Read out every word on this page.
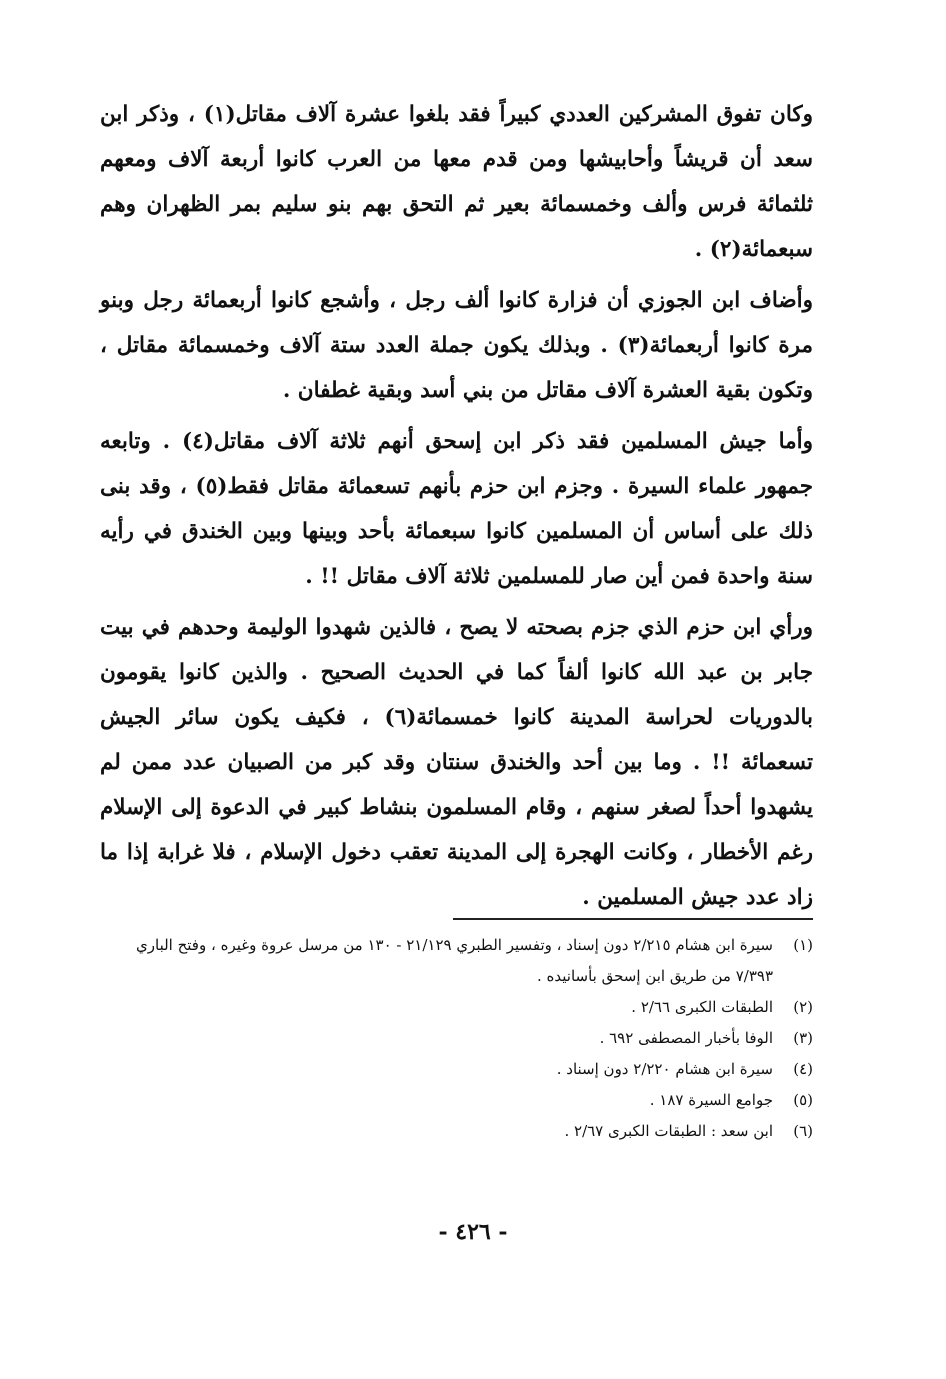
وكان تفوق المشركين العددي كبيراً فقد بلغوا عشرة آلاف مقاتل(١) ، وذكر ابن سعد أن قريشاً وأحابيشها ومن قدم معها من العرب كانوا أربعة آلاف ومعهم ثلثمائة فرس وألف وخمسمائة بعير ثم التحق بهم بنو سليم بمر الظهران وهم سبعمائة(٢) .

وأضاف ابن الجوزي أن فزارة كانوا ألف رجل ، وأشجع كانوا أربعمائة رجل وبنو مرة كانوا أربعمائة(٣) . وبذلك يكون جملة العدد ستة آلاف وخمسمائة مقاتل ، وتكون بقية العشرة آلاف مقاتل من بني أسد وبقية غطفان .

وأما جيش المسلمين فقد ذكر ابن إسحق أنهم ثلاثة آلاف مقاتل(٤) . وتابعه جمهور علماء السيرة . وجزم ابن حزم بأنهم تسعمائة مقاتل فقط(٥) ، وقد بنى ذلك على أساس أن المسلمين كانوا سبعمائة بأحد وبينها وبين الخندق في رأيه سنة واحدة فمن أين صار للمسلمين ثلاثة آلاف مقاتل !! .

ورأي ابن حزم الذي جزم بصحته لا يصح ، فالذين شهدوا الوليمة وحدهم في بيت جابر بن عبد الله كانوا ألفاً كما في الحديث الصحيح . والذين كانوا يقومون بالدوريات لحراسة المدينة كانوا خمسمائة(٦) ، فكيف يكون سائر الجيش تسعمائة !! . وما بين أحد والخندق سنتان وقد كبر من الصبيان عدد ممن لم يشهدوا أحداً لصغر سنهم ، وقام المسلمون بنشاط كبير في الدعوة إلى الإسلام رغم الأخطار ، وكانت الهجرة إلى المدينة تعقب دخول الإسلام ، فلا غرابة إذا ما زاد عدد جيش المسلمين .

(١)
سيرة ابن هشام ٢/٢١٥ دون إسناد ، وتفسير الطبري ٢١/١٢٩ - ١٣٠ من مرسل عروة وغيره ، وفتح الباري ٧/٣٩٣ من طريق ابن إسحق بأسانيده .
(٢)
الطبقات الكبرى ٢/٦٦ .
(٣)
الوفا بأخبار المصطفى ٦٩٢ .
(٤)
سيرة ابن هشام ٢/٢٢٠ دون إسناد .
(٥)
جوامع السيرة ١٨٧ .
(٦)
ابن سعد : الطبقات الكبرى ٢/٦٧ .
- ٤٢٦ -
